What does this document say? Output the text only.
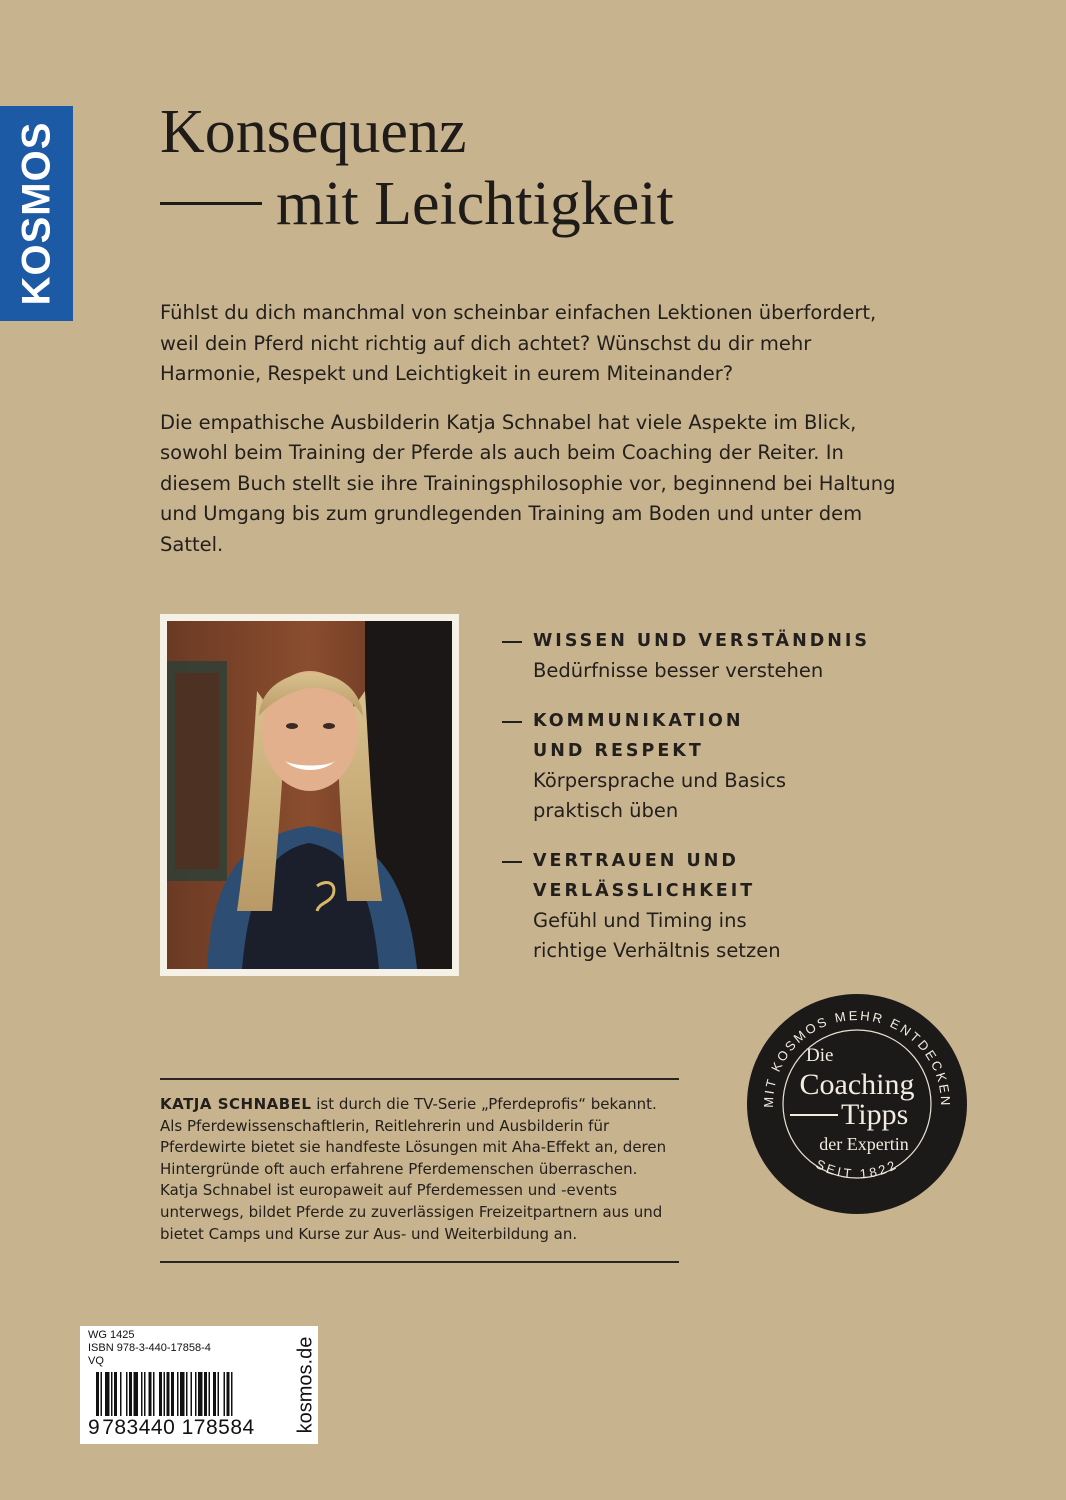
KOSMOS Konsequenz
mit Leichtigkeit

Fühlst du dich manchmal von scheinbar einfachen Lektionen überfordert, weil dein Pferd nicht richtig auf dich achtet? Wünschst du dir mehr Harmonie, Respekt und Leichtigkeit in eurem Miteinander?

Die empathische Ausbilderin Katja Schnabel hat viele Aspekte im Blick, sowohl beim Training der Pferde als auch beim Coaching der Reiter. In diesem Buch stellt sie ihre Trainingsphilosophie vor, beginnend bei Haltung und Umgang bis zum grundlegenden Training am Boden und unter dem Sattel.

WISSEN UND VERSTÄNDNIS
Bedürfnisse besser verstehen
KOMMUNIKATION UND RESPEKT
Körpersprache und Basics praktisch üben
VERTRAUEN UND VERLÄSSLICHKEIT
Gefühl und Timing ins richtige Verhältnis setzen

KATJA SCHNABEL ist durch die TV-Serie „Pferdeprofis“ bekannt. Als Pferdewissenschaftlerin, Reitlehrerin und Ausbilderin für Pferdewirte bietet sie handfeste Lösungen mit Aha-Effekt an, deren Hintergründe oft auch erfahrene Pferdemenschen überraschen. Katja Schnabel ist europaweit auf Pferdemessen und -events unterwegs, bildet Pferde zu zuverlässigen Freizeitpartnern aus und bietet Camps und Kurse zur Aus- und Weiterbildung an.

MIT KOSMOS MEHR ENTDECKEN
SEIT 1822
Die
Coaching
Tipps
der Expertin
WG 1425
ISBN 978-3-440-17858-4
VQ
9783440 178584 kosmos.de
